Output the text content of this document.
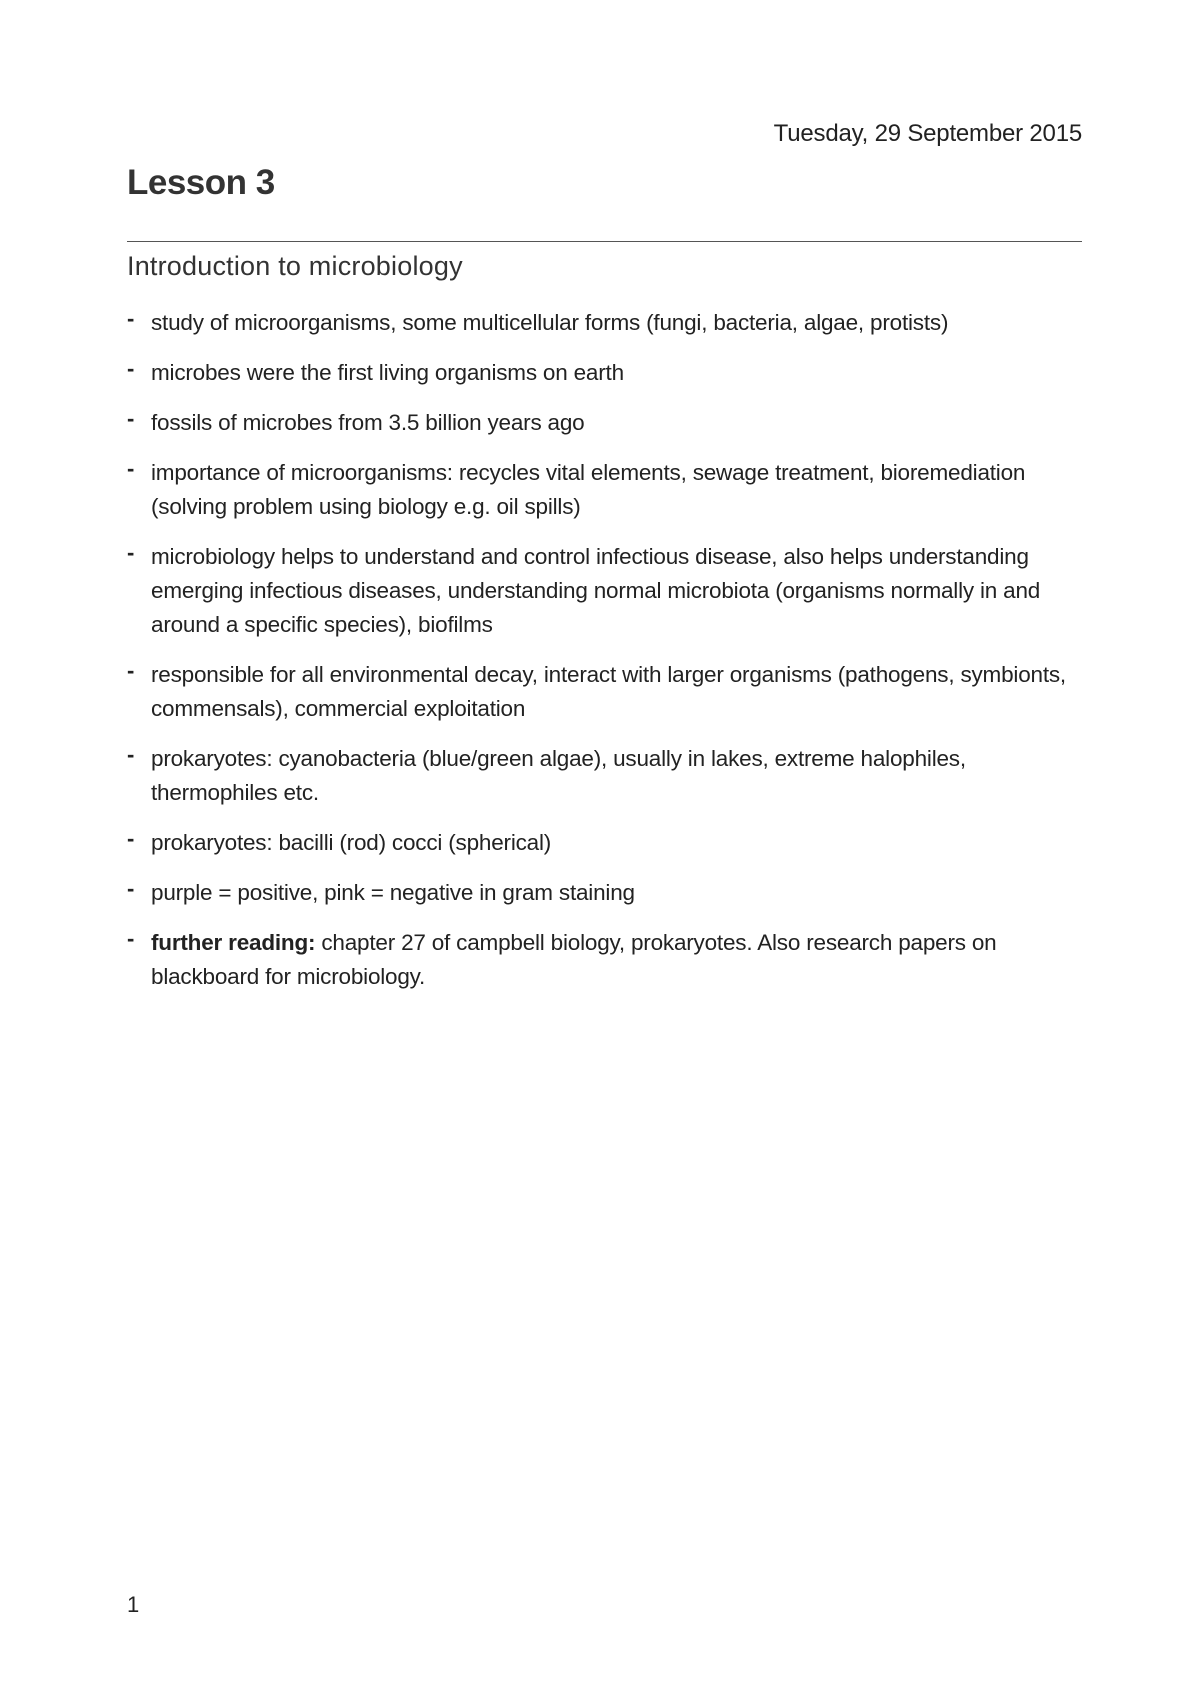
Tuesday, 29 September 2015
Lesson 3
Introduction to microbiology
- study of microorganisms, some multicellular forms (fungi, bacteria, algae, protists)
- microbes were the first living organisms on earth
- fossils of microbes from 3.5 billion years ago
- importance of microorganisms: recycles vital elements, sewage treatment, bioremediation (solving problem using biology e.g. oil spills)
- microbiology helps to understand and control infectious disease, also helps understanding emerging infectious diseases, understanding normal microbiota (organisms normally in and around a specific species), biofilms
- responsible for all environmental decay, interact with larger organisms (pathogens, symbionts, commensals), commercial exploitation
- prokaryotes: cyanobacteria (blue/green algae), usually in lakes, extreme halophiles, thermophiles etc.
- prokaryotes: bacilli (rod) cocci (spherical)
- purple = positive, pink = negative in gram staining
- further reading: chapter 27 of campbell biology, prokaryotes. Also research papers on blackboard for microbiology.
1
